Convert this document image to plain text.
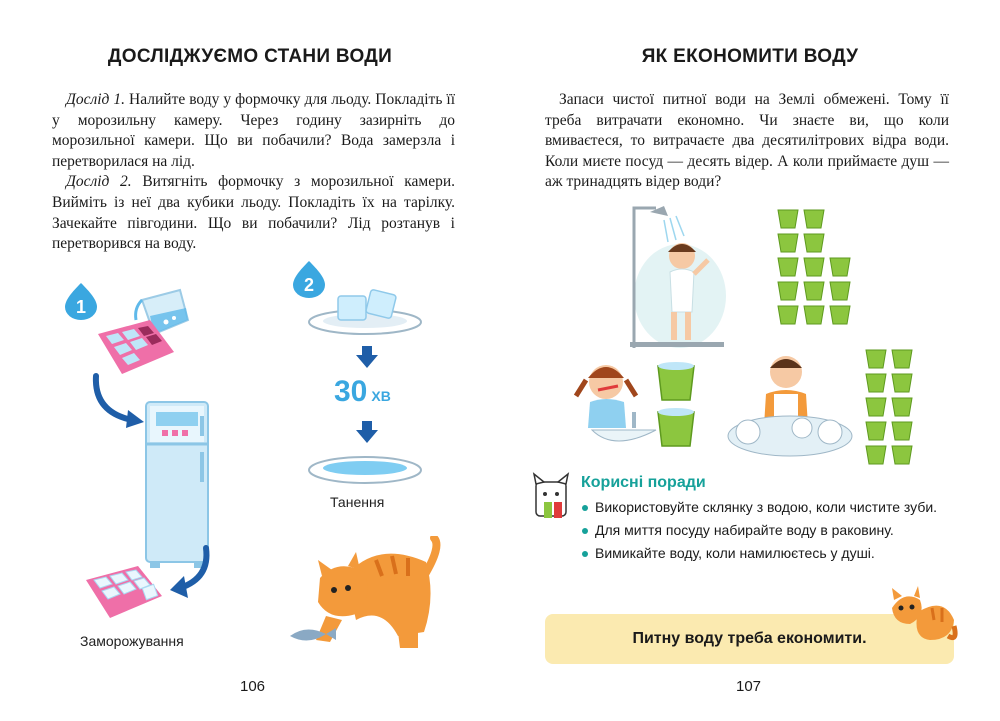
ДОСЛІДЖУЄМО СТАНИ ВОДИ

Дослід 1. Налийте воду у формочку для льоду. Покладіть її у морозильну камеру. Через годину зазирніть до морозильної камери. Що ви побачили? Вода замерзла і перетворилася на лід.

Дослід 2. Витягніть формочку з морозильної камери. Вийміть із неї два кубики льоду. Покладіть їх на тарілку. Зачекайте півгодини. Що ви побачили? Лід розтанув і перетворився на воду.

1
Заморожування
2
30 ХВ
Танення
106
ЯК ЕКОНОМИТИ ВОДУ

Запаси чистої питної води на Землі обмежені. Тому її треба витрачати економно. Чи знаєте ви, що коли вмиваєтеся, то витрачаєте два десятилітрових відра води. Коли миєте посуд — десять відер. А коли приймаєте душ — аж тринадцять відер води?

Корисні поради
Використовуйте склянку з водою, коли чистите зуби.
Для миття посуду набирайте воду в раковину.
Вимикайте воду, коли намилюєтесь у душі.
Питну воду треба економити.
107
